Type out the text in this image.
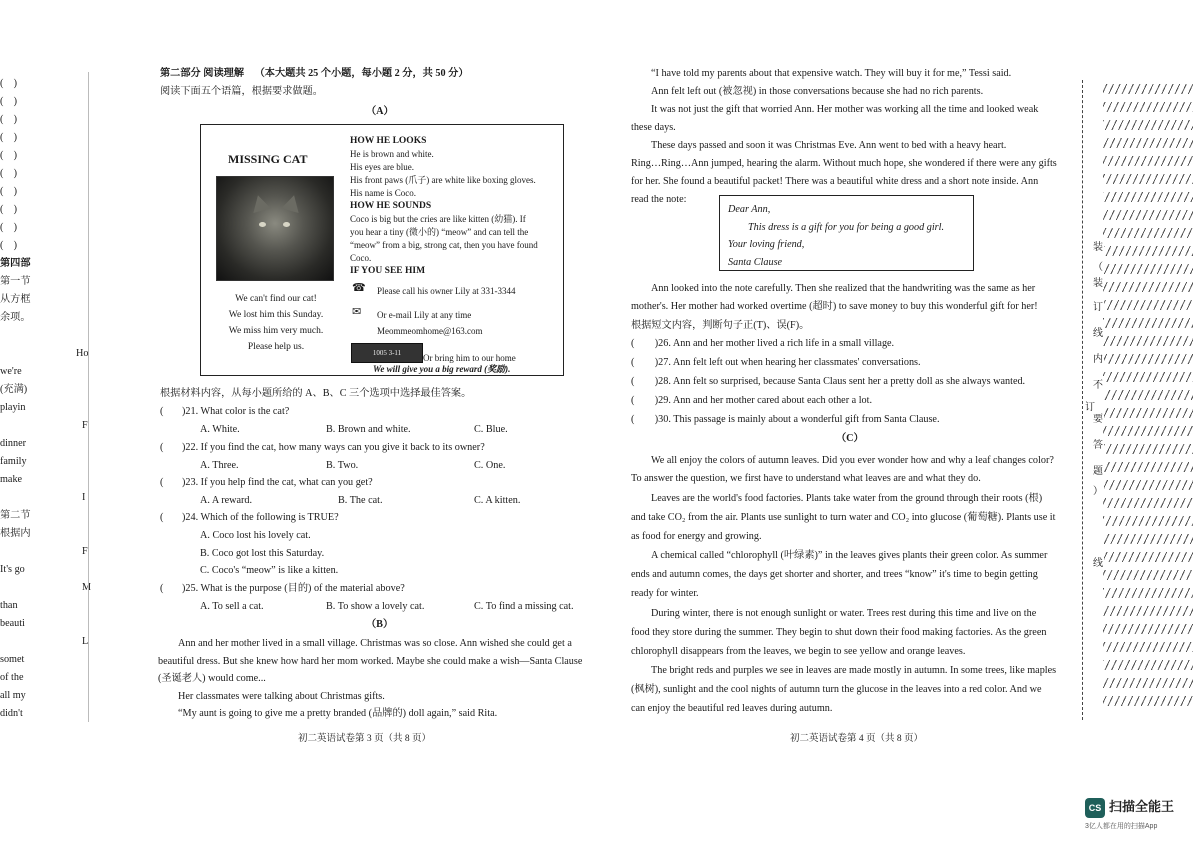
(　)
(　)
(　)
(　)
(　)
(　)
(　)
(　)
(　)
(　)
第四部
第一节
从方框
余项。
Ho
we're
(充满)
playin
F
dinner
family
make
I
第二节
根据内
F
It's go
M
than
beauti
L
somet
of the
all my
didn't
第二部分 阅读理解 （本大题共 25 个小题，每小题 2 分，共 50 分）
阅读下面五个语篇，根据要求做题。
（A）
MISSING CAT
We can't find our cat!
We lost him this Sunday.
We miss him very much.
Please help us.
HOW HE LOOKS
He is brown and white.
His eyes are blue.
His front paws (爪子) are white like boxing gloves.
His name is Coco.
HOW HE SOUNDS
Coco is big but the cries are like kitten (幼猫). If
you hear a tiny (微小的) “meow” and can tell the
“meow” from a big, strong cat, then you have found
Coco.
IF YOU SEE HIM
☎ Please call his owner Lily at 331-3344
✉ Or e-mail Lily at any time
Meommeomhome@163.com
1005 3-11	Or bring him to our home
We will give you a big reward (奖励).
根据材料内容，从每小题所给的 A、B、C 三个选项中选择最佳答案。
( )21. What color is the cat?
A. White.	B. Brown and white.	C. Blue.
( )22. If you find the cat, how many ways can you give it back to its owner?
A. Three.	B. Two.	C. One.
( )23. If you help find the cat, what can you get?
A. A reward.	B. The cat.	C. A kitten.
( )24. Which of the following is TRUE?
A. Coco lost his lovely cat.
B. Coco got lost this Saturday.
C. Coco's “meow” is like a kitten.
( )25. What is the purpose (目的) of the material above?
A. To sell a cat.	B. To show a lovely cat.	C. To find a missing cat.
（B）
Ann and her mother lived in a small village. Christmas was so close. Ann wished she could get a
beautiful dress. But she knew how hard her mom worked. Maybe she could make a wish—Santa Clause
(圣诞老人) would come...
Her classmates were talking about Christmas gifts.
“My aunt is going to give me a pretty branded (品牌的) doll again,” said Rita.
初二英语试卷第 3 页（共 8 页）
“I have told my parents about that expensive watch. They will buy it for me,” Tessi said.
Ann felt left out (被忽视) in those conversations because she had no rich parents.
It was not just the gift that worried Ann. Her mother was working all the time and looked weak
these days.
These days passed and soon it was Christmas Eve. Ann went to bed with a heavy heart.
Ring…Ring…Ann jumped, hearing the alarm. Without much hope, she wondered if there were any gifts
for her. She found a beautiful packet! There was a beautiful white dress and a short note inside. Ann
read the note:
Dear Ann,
This dress is a gift for you for being a good girl.
Your loving friend,
Santa Clause
Ann looked into the note carefully. Then she realized that the handwriting was the same as her
mother's. Her mother had worked overtime (超时) to save money to buy this wonderful gift for her!
根据短文内容，判断句子正(T)、误(F)。
(　　)26. Ann and her mother lived a rich life in a small village.
(　　)27. Ann felt left out when hearing her classmates' conversations.
(　　)28. Ann felt so surprised, because Santa Claus sent her a pretty doll as she always wanted.
(　　)29. Ann and her mother cared about each other a lot.
(　　)30. This passage is mainly about a wonderful gift from Santa Clause.
（C）
We all enjoy the colors of autumn leaves. Did you ever wonder how and why a leaf changes color?
To answer the question, we first have to understand what leaves are and what they do.
Leaves are the world's food factories. Plants take water from the ground through their roots (根)
and take CO₂ from the air. Plants use sunlight to turn water and CO₂ into glucose (葡萄糖). Plants use it
as food for energy and growing.
A chemical called “chlorophyll (叶绿素)” in the leaves gives plants their green color. As summer
ends and autumn comes, the days get shorter and shorter, and trees “know” it's time to begin getting
ready for winter.
During winter, there is not enough sunlight or water. Trees rest during this time and live on the
food they store during the summer. They begin to shut down their food making factories. As the green
chlorophyll disappears from the leaves, we begin to see yellow and orange leaves.
The bright reds and purples we see in leaves are made mostly in autumn. In some trees, like maples
(枫树), sunlight and the cool nights of autumn turn the glucose in the leaves into a red color. And we
can enjoy the beautiful red leaves during autumn.
初二英语试卷第 4 页（共 8 页）
装
（
装
订
线
内
不
要
答
题
）
订
线
CS 扫描全能王
3亿人都在用的扫描App
